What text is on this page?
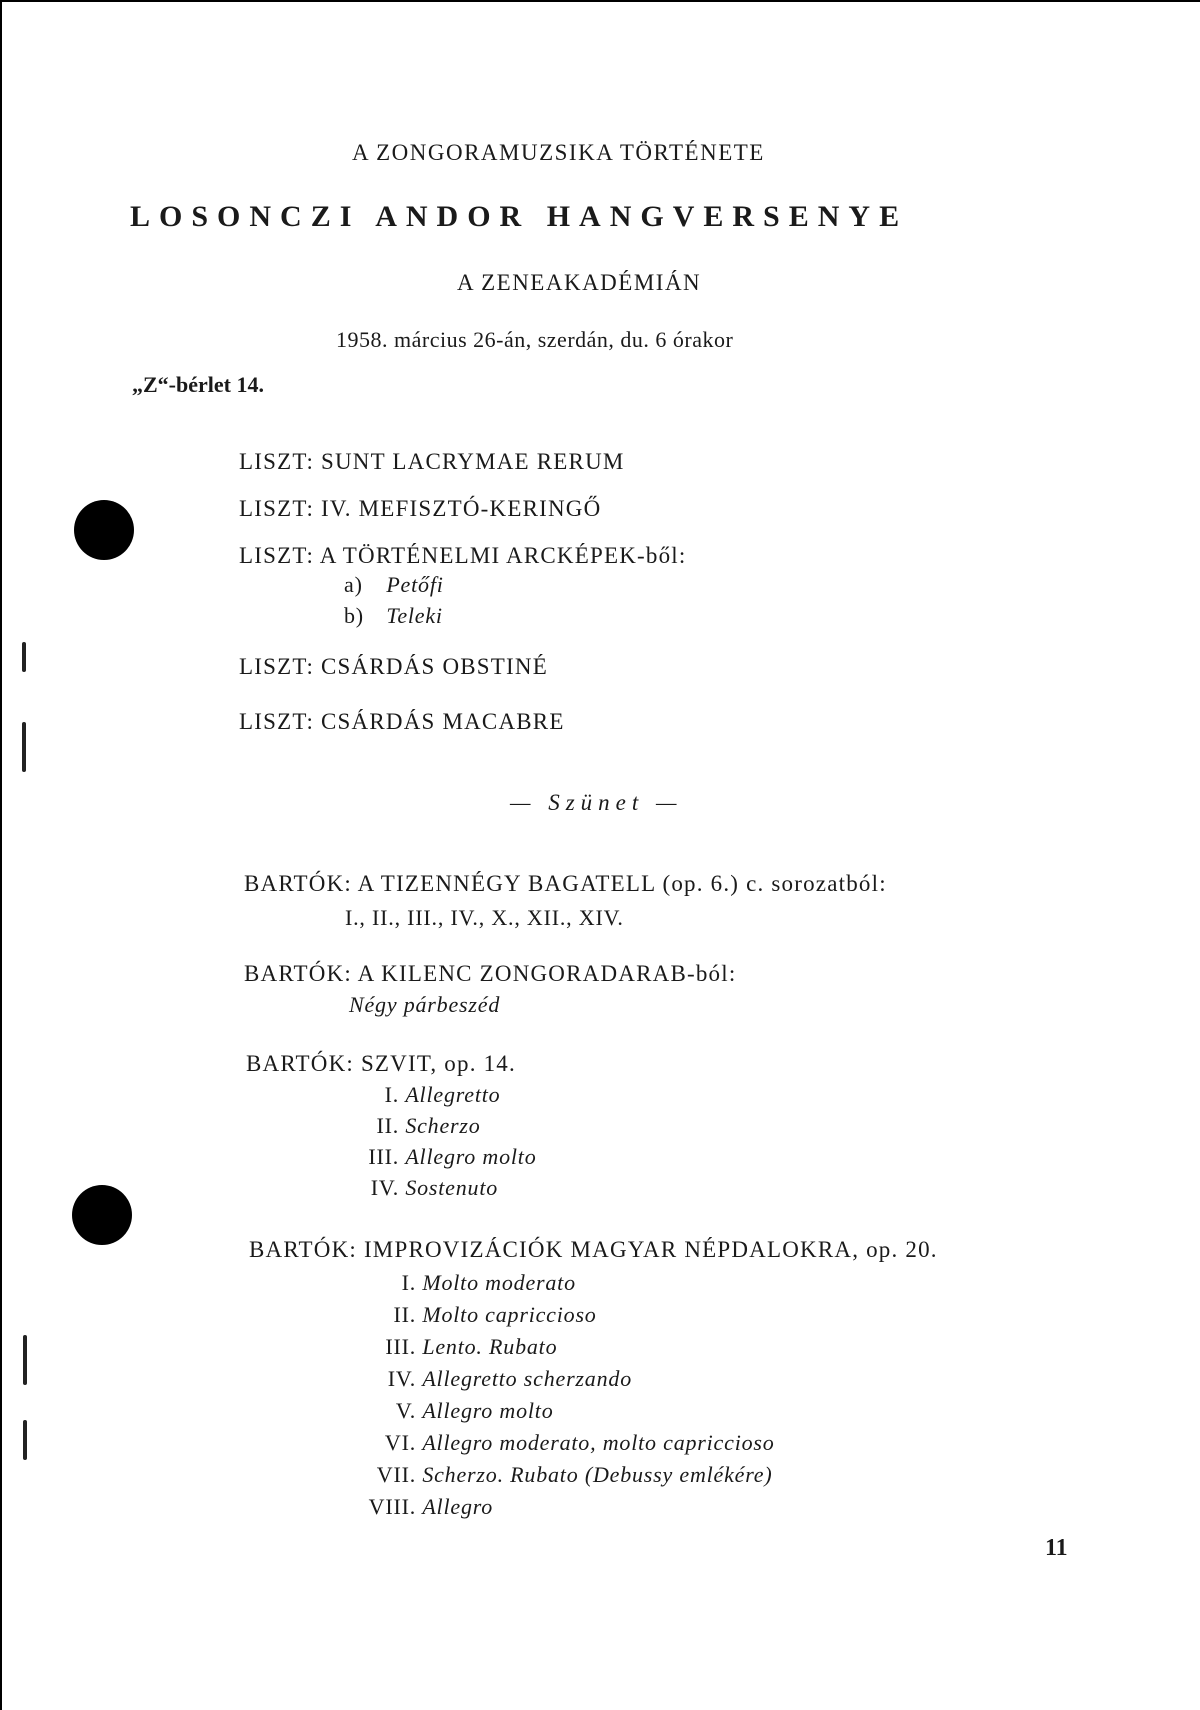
A ZONGORAMUZSIKA TÖRTÉNETE
LOSONCZI ANDOR HANGVERSENYE
A ZENEAKADÉMIÁN
1958. március 26-án, szerdán, du. 6 órakor
„Z“-bérlet 14.
LISZT: SUNT LACRYMAE RERUM
LISZT: IV. MEFISZTÓ-KERINGŐ
LISZT: A TÖRTÉNELMI ARCKÉPEK-ből:
a) Petőfi
b) Teleki
LISZT: CSÁRDÁS OBSTINÉ
LISZT: CSÁRDÁS MACABRE
— Szünet —
BARTÓK: A TIZENNÉGY BAGATELL (op. 6.) c. sorozatból:
I., II., III., IV., X., XII., XIV.
BARTÓK: A KILENC ZONGORADARAB-ból:
Négy párbeszéd
BARTÓK: SZVIT, op. 14.
I. Allegretto
II. Scherzo
III. Allegro molto
IV. Sostenuto
BARTÓK: IMPROVIZÁCIÓK MAGYAR NÉPDALOKRA, op. 20.
I. Molto moderato
II. Molto capriccioso
III. Lento. Rubato
IV. Allegretto scherzando
V. Allegro molto
VI. Allegro moderato, molto capriccioso
VII. Scherzo. Rubato (Debussy emlékére)
VIII. Allegro
11
